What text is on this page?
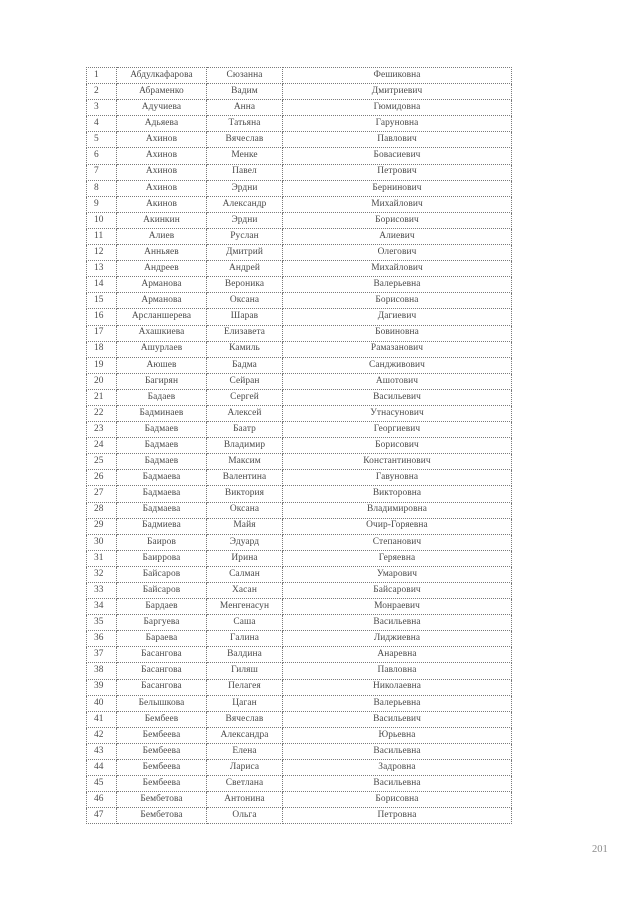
1	Абдулкафарова	Сюзанна	Фешиковна
2	Абраменко	Вадим	Дмитриевич
3	Адучиева	Анна	Гюмидовна
4	Адьяева	Татьяна	Гаруновна
5	Ахинов	Вячеслав	Павлович
6	Ахинов	Менке	Бовасиевич
7	Ахинов	Павел	Петрович
8	Ахинов	Эрдни	Бернинович
9	Акинов	Александр	Михайлович
10	Акинкин	Эрдни	Борисович
11	Алиев	Руслан	Алиевич
12	Анньяев	Дмитрий	Олегович
13	Андреев	Андрей	Михайлович
14	Арманова	Вероника	Валерьевна
15	Арманова	Оксана	Борисовна
16	Арсланшерева	Шарав	Дагиевич
17	Ахашкиева	Елизавета	Бовиновна
18	Ашурлаев	Камиль	Рамазанович
19	Аюшев	Бадма	Сандживович
20	Багирян	Сейран	Ашотович
21	Бадаев	Сергей	Васильевич
22	Бадминаев	Алексей	Утнасунович
23	Бадмаев	Баатр	Георгиевич
24	Бадмаев	Владимир	Борисович
25	Бадмаев	Максим	Константинович
26	Бадмаева	Валентина	Гавуновна
27	Бадмаева	Виктория	Викторовна
28	Бадмаева	Оксана	Владимировна
29	Бадмиева	Майя	Очир-Горяевна
30	Баиров	Эдуард	Степанович
31	Баиррова	Ирина	Геряевна
32	Байсаров	Салман	Умарович
33	Байсаров	Хасан	Байсарович
34	Бардаев	Менгенасун	Монраевич
35	Баргуева	Саша	Васильевна
36	Бараева	Галина	Лиджиевна
37	Басангова	Валдина	Анаревна
38	Басангова	Гиляш	Павловна
39	Басангова	Пелагея	Николаевна
40	Белышкова	Цаган	Валерьевна
41	Бембеев	Вячеслав	Васильевич
42	Бембеева	Александра	Юрьевна
43	Бембеева	Елена	Васильевна
44	Бембеева	Лариса	Задровна
45	Бембеева	Светлана	Васильевна
46	Бембетова	Антонина	Борисовна
47	Бембетова	Ольга	Петровна
201
